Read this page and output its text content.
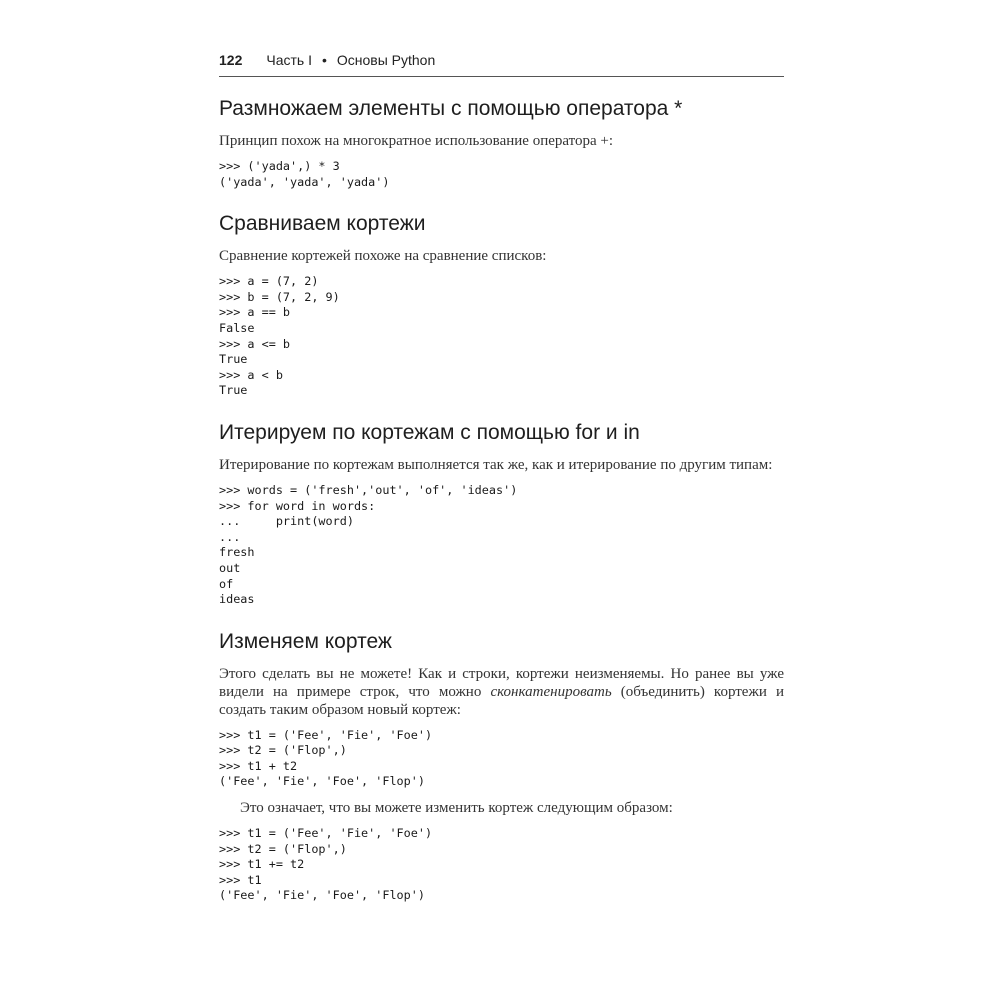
122 Часть I • Основы Python
Размножаем элементы с помощью оператора *

Принцип похож на многократное использование оператора +:

>>> ('yada',) * 3
('yada', 'yada', 'yada')
Сравниваем кортежи

Сравнение кортежей похоже на сравнение списков:

>>> a = (7, 2)
>>> b = (7, 2, 9)
>>> a == b
False
>>> a <= b
True
>>> a < b
True
Итерируем по кортежам с помощью for и in

Итерирование по кортежам выполняется так же, как и итерирование по другим типам:

>>> words = ('fresh','out', 'of', 'ideas')
>>> for word in words:
...     print(word)
...
fresh
out
of
ideas
Изменяем кортеж

Этого сделать вы не можете! Как и строки, кортежи неизменяемы. Но ранее вы уже видели на примере строк, что можно сконкатенировать (объединить) кортежи и создать таким образом новый кортеж:

>>> t1 = ('Fee', 'Fie', 'Foe')
>>> t2 = ('Flop',)
>>> t1 + t2
('Fee', 'Fie', 'Foe', 'Flop')

Это означает, что вы можете изменить кортеж следующим образом:

>>> t1 = ('Fee', 'Fie', 'Foe')
>>> t2 = ('Flop',)
>>> t1 += t2
>>> t1
('Fee', 'Fie', 'Foe', 'Flop')
